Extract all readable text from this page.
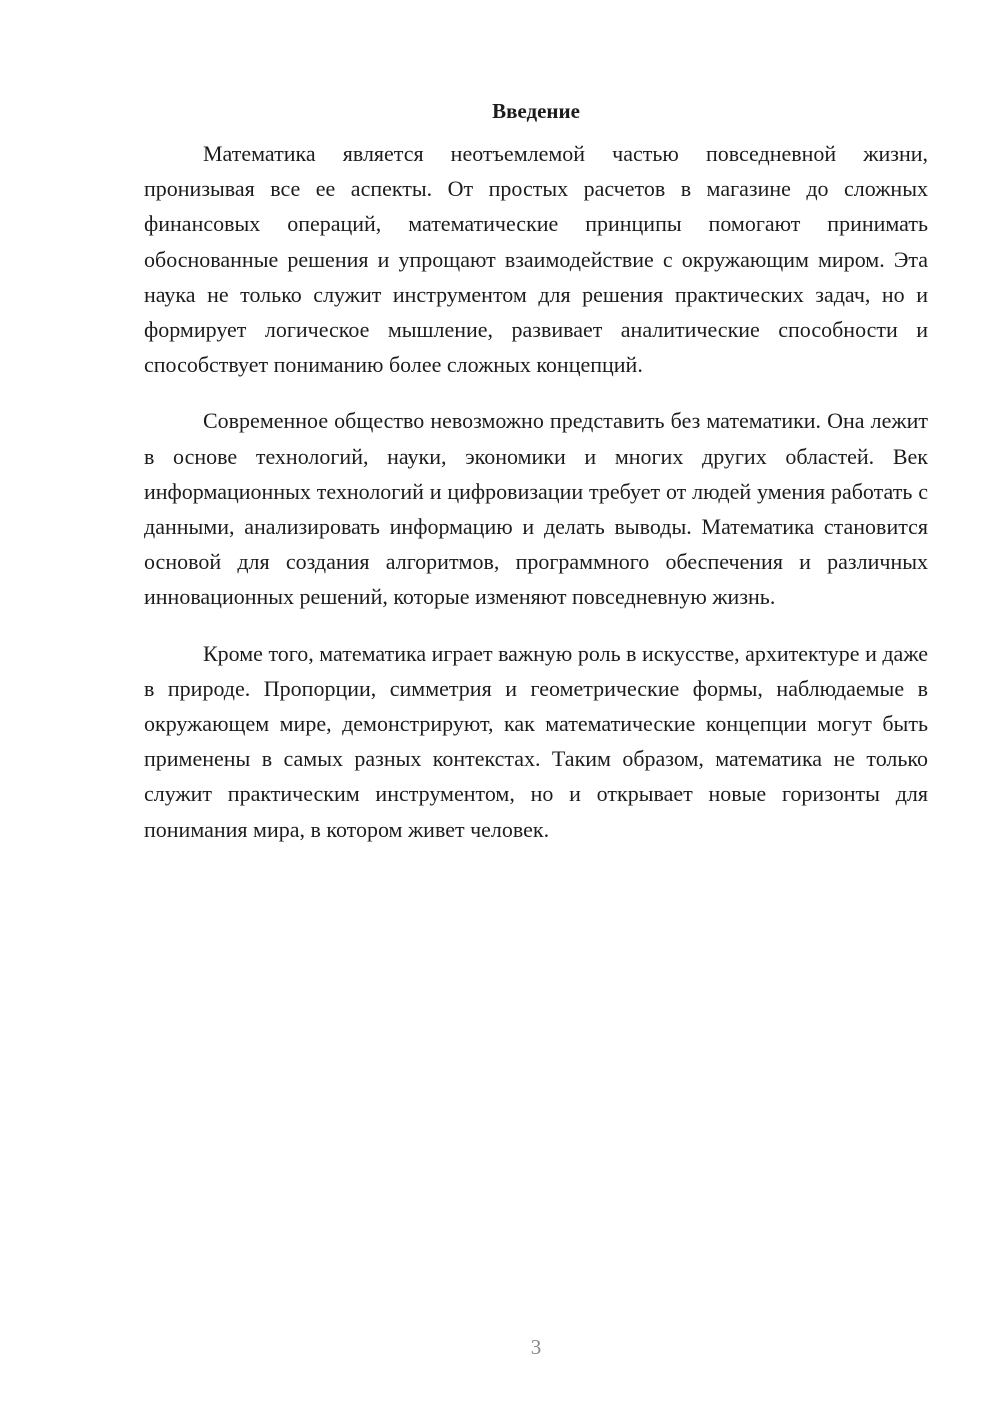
Введение

Математика является неотъемлемой частью повседневной жизни, пронизывая все ее аспекты. От простых расчетов в магазине до сложных финансовых операций, математические принципы помогают принимать обоснованные решения и упрощают взаимодействие с окружающим миром. Эта наука не только служит инструментом для решения практических задач, но и формирует логическое мышление, развивает аналитические способности и способствует пониманию более сложных концепций.

Современное общество невозможно представить без математики. Она лежит в основе технологий, науки, экономики и многих других областей. Век информационных технологий и цифровизации требует от людей умения работать с данными, анализировать информацию и делать выводы. Математика становится основой для создания алгоритмов, программного обеспечения и различных инновационных решений, которые изменяют повседневную жизнь.

Кроме того, математика играет важную роль в искусстве, архитектуре и даже в природе. Пропорции, симметрия и геометрические формы, наблюдаемые в окружающем мире, демонстрируют, как математические концепции могут быть применены в самых разных контекстах. Таким образом, математика не только служит практическим инструментом, но и открывает новые горизонты для понимания мира, в котором живет человек.

3
